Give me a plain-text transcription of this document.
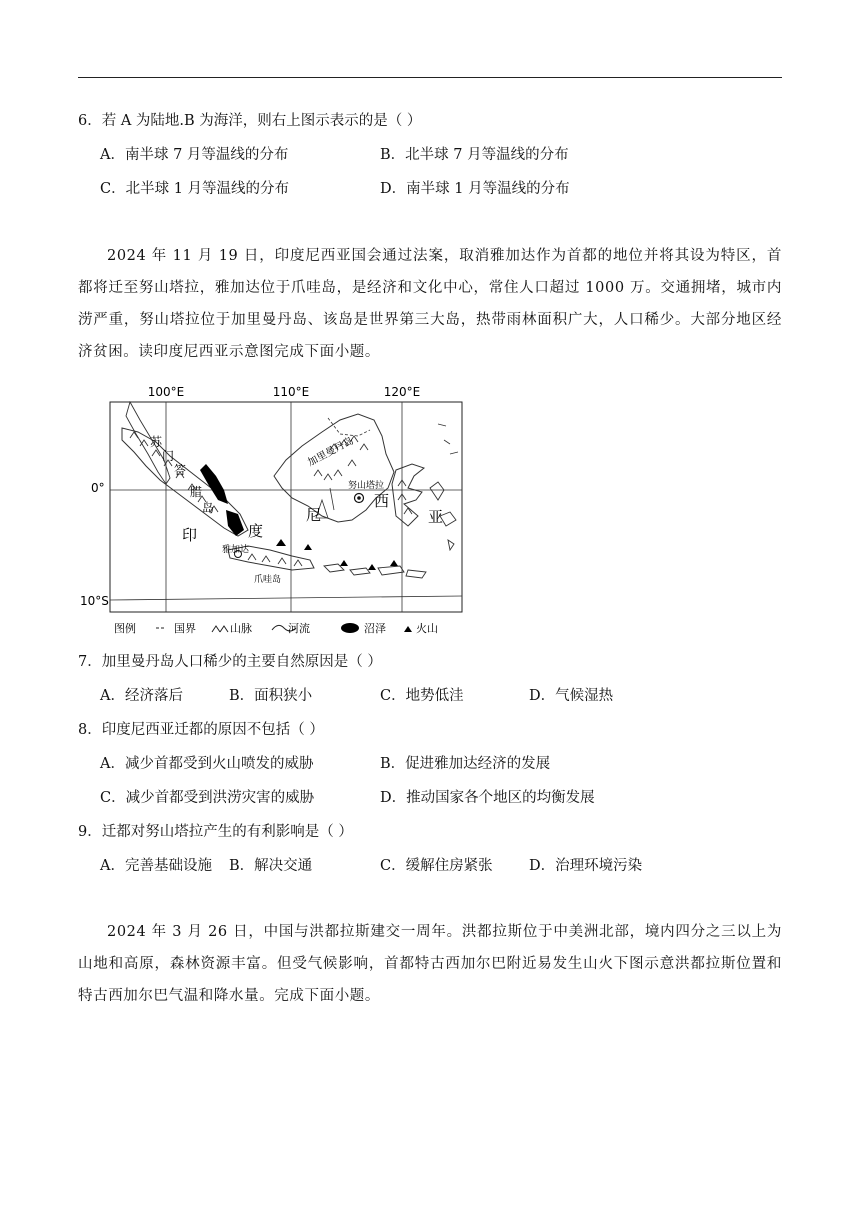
6．若 A 为陆地.B 为海洋，则右上图示表示的是（ ）
A．南半球 7 月等温线的分布	B．北半球 7 月等温线的分布
C．北半球 1 月等温线的分布	D．南半球 1 月等温线的分布
2024 年 11 月 19 日，印度尼西亚国会通过法案，取消雅加达作为首都的地位并将其设为特区，首都将迁至努山塔拉，雅加达位于爪哇岛，是经济和文化中心，常住人口超过 1000 万。交通拥堵，城市内涝严重，努山塔拉位于加里曼丹岛、该岛是世界第三大岛，热带雨林面积广大，人口稀少。大部分地区经济贫困。读印度尼西亚示意图完成下面小题。
100°E	110°E	120°E
0°
10°S
苏
门
答
腊
岛
加里曼丹岛
努山塔拉
雅加达
爪哇岛
印	度
尼
西
亚
图例	国界	山脉	河流	沼泽	火山
7．加里曼丹岛人口稀少的主要自然原因是（ ）
A．经济落后	B．面积狭小	C．地势低洼	D．气候湿热
8．印度尼西亚迁都的原因不包括（ ）
A．减少首都受到火山喷发的威胁	B．促进雅加达经济的发展
C．减少首都受到洪涝灾害的威胁	D．推动国家各个地区的均衡发展
9．迁都对努山塔拉产生的有利影响是（ ）
A．完善基础设施 B．解决交通	C．缓解住房紧张	D．治理环境污染
2024 年 3 月 26 日，中国与洪都拉斯建交一周年。洪都拉斯位于中美洲北部，境内四分之三以上为山地和高原，森林资源丰富。但受气候影响，首都特古西加尔巴附近易发生山火下图示意洪都拉斯位置和特古西加尔巴气温和降水量。完成下面小题。
